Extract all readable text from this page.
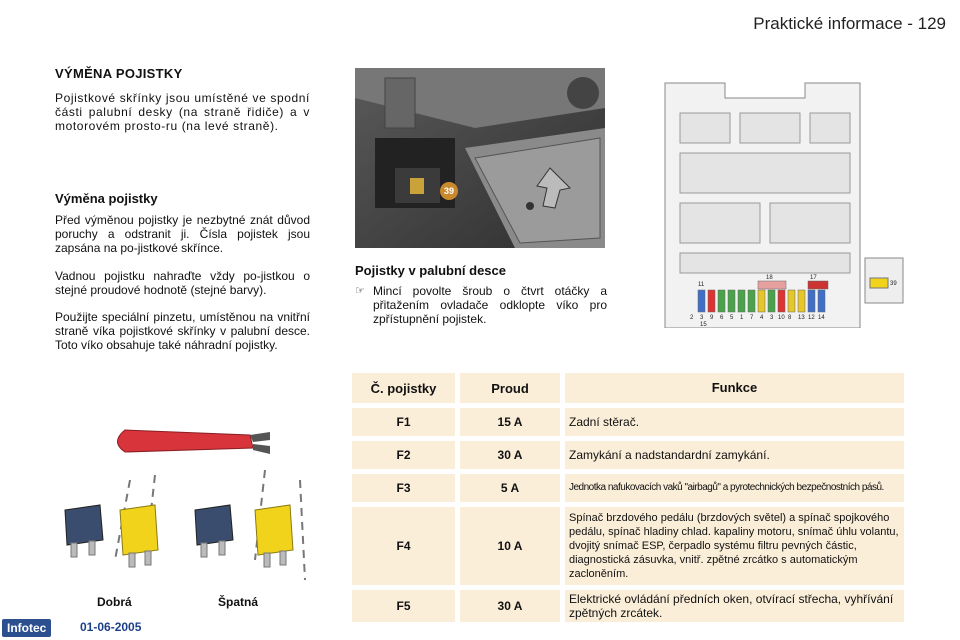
Praktické informace - 129
VÝMĚNA POJISTKY
Pojistkové skřínky jsou umístěné ve spodní části palubní desky (na straně řidiče) a v motorovém prosto-ru (na levé straně).
Výměna pojistky
Před výměnou pojistky je nezbytné znát důvod poruchy a odstranit ji. Čísla pojistek jsou zapsána na po-jistkové skřínce.
Vadnou pojistku nahraďte vždy po-jistkou o stejné proudové hodnotě (stejné barvy).
Použijte speciální pinzetu, umístěnou na vnitřní straně víka pojistkové skřínky v palubní desce. Toto víko obsahuje také náhradní pojistky.
39
Pojistky v palubní desce
☞ Mincí povolte šroub o čtvrt otáčky a přitažením ovladače odklopte víko pro zpřístupnění pojistek.
11
18	17
2 3 9 6 5 1 7 4 3 10 8 13 12 14
15
39
Dobrá	Špatná
Č. pojistky	Proud	Funkce
F1	15 A	Zadní stěrač.
F2	30 A	Zamykání a nadstandardní zamykání.
F3	5 A	Jednotka nafukovacích vaků "airbagů" a pyrotechnických bezpečnostních pásů.
F4	10 A
Spínač brzdového pedálu (brzdových světel) a spínač spojkového pedálu, spínač hladiny chlad. kapaliny motoru, snímač úhlu volantu, dvojitý snímač ESP, čerpadlo systému filtru pevných částic, diagnostická zásuvka, vnitř. zpětné zrcátko s automatickým zacloněním.
F5	30 A	Elektrické ovládání předních oken, otvírací střecha, vyhřívání zpětných zrcátek.
Infotec	01-06-2005
